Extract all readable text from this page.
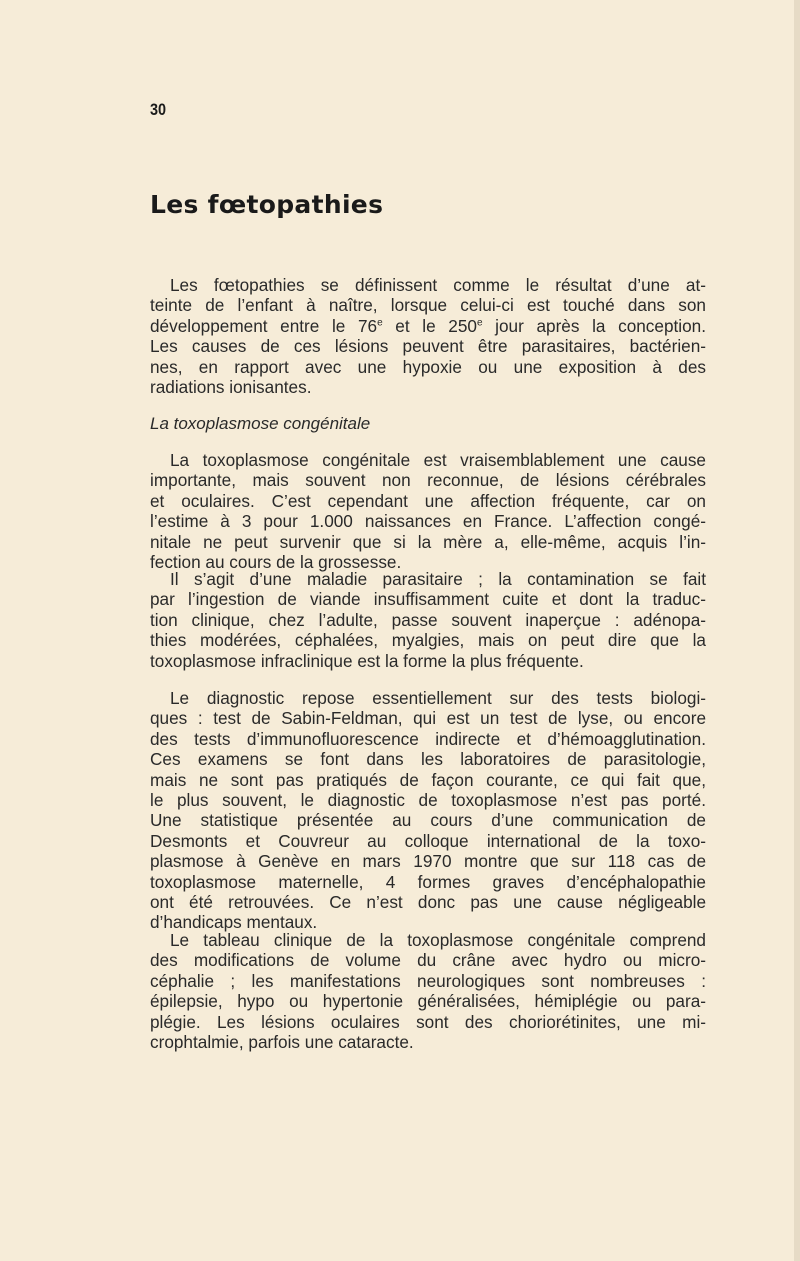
30
Les fœtopathies
Les fœtopathies se définissent comme le résultat d’une at-
teinte de l’enfant à naître, lorsque celui-ci est touché dans son
développement entre le 76e et le 250e jour après la conception.
Les causes de ces lésions peuvent être parasitaires, bactérien-
nes, en rapport avec une hypoxie ou une exposition à des
radiations ionisantes.
La toxoplasmose congénitale
La toxoplasmose congénitale est vraisemblablement une cause
importante, mais souvent non reconnue, de lésions cérébrales
et oculaires. C’est cependant une affection fréquente, car on
l’estime à 3 pour 1.000 naissances en France. L’affection congé-
nitale ne peut survenir que si la mère a, elle-même, acquis l’in-
fection au cours de la grossesse.
Il s’agit d’une maladie parasitaire ; la contamination se fait
par l’ingestion de viande insuffisamment cuite et dont la traduc-
tion clinique, chez l’adulte, passe souvent inaperçue : adénopa-
thies modérées, céphalées, myalgies, mais on peut dire que la
toxoplasmose infraclinique est la forme la plus fréquente.
Le diagnostic repose essentiellement sur des tests biologi-
ques : test de Sabin-Feldman, qui est un test de lyse, ou encore
des tests d’immunofluorescence indirecte et d’hémoagglutination.
Ces examens se font dans les laboratoires de parasitologie,
mais ne sont pas pratiqués de façon courante, ce qui fait que,
le plus souvent, le diagnostic de toxoplasmose n’est pas porté.
Une statistique présentée au cours d’une communication de
Desmonts et Couvreur au colloque international de la toxo-
plasmose à Genève en mars 1970 montre que sur 118 cas de
toxoplasmose maternelle, 4 formes graves d’encéphalopathie
ont été retrouvées. Ce n’est donc pas une cause négligeable
d’handicaps mentaux.
Le tableau clinique de la toxoplasmose congénitale comprend
des modifications de volume du crâne avec hydro ou micro-
céphalie ; les manifestations neurologiques sont nombreuses :
épilepsie, hypo ou hypertonie généralisées, hémiplégie ou para-
plégie. Les lésions oculaires sont des choriorétinites, une mi-
crophtalmie, parfois une cataracte.
